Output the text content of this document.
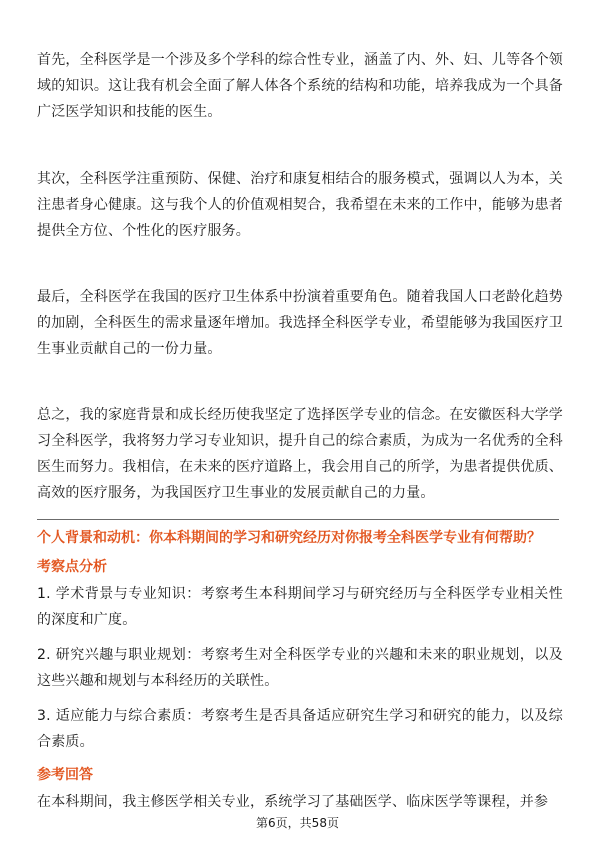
首先，全科医学是一个涉及多个学科的综合性专业，涵盖了内、外、妇、儿等各个领域的知识。这让我有机会全面了解人体各个系统的结构和功能，培养我成为一个具备广泛医学知识和技能的医生。

其次，全科医学注重预防、保健、治疗和康复相结合的服务模式，强调以人为本，关注患者身心健康。这与我个人的价值观相契合，我希望在未来的工作中，能够为患者提供全方位、个性化的医疗服务。

最后，全科医学在我国的医疗卫生体系中扮演着重要角色。随着我国人口老龄化趋势的加剧，全科医生的需求量逐年增加。我选择全科医学专业，希望能够为我国医疗卫生事业贡献自己的一份力量。

总之，我的家庭背景和成长经历使我坚定了选择医学专业的信念。在安徽医科大学学习全科医学，我将努力学习专业知识，提升自己的综合素质，为成为一名优秀的全科医生而努力。我相信，在未来的医疗道路上，我会用自己的所学，为患者提供优质、高效的医疗服务，为我国医疗卫生事业的发展贡献自己的力量。

个人背景和动机：你本科期间的学习和研究经历对你报考全科医学专业有何帮助？

考察点分析

1. 学术背景与专业知识：考察考生本科期间学习与研究经历与全科医学专业相关性的深度和广度。

2. 研究兴趣与职业规划：考察考生对全科医学专业的兴趣和未来的职业规划，以及这些兴趣和规划与本科经历的关联性。

3. 适应能力与综合素质：考察考生是否具备适应研究生学习和研究的能力，以及综合素质。

参考回答

在本科期间，我主修医学相关专业，系统学习了基础医学、临床医学等课程，并参

第6页，共58页
